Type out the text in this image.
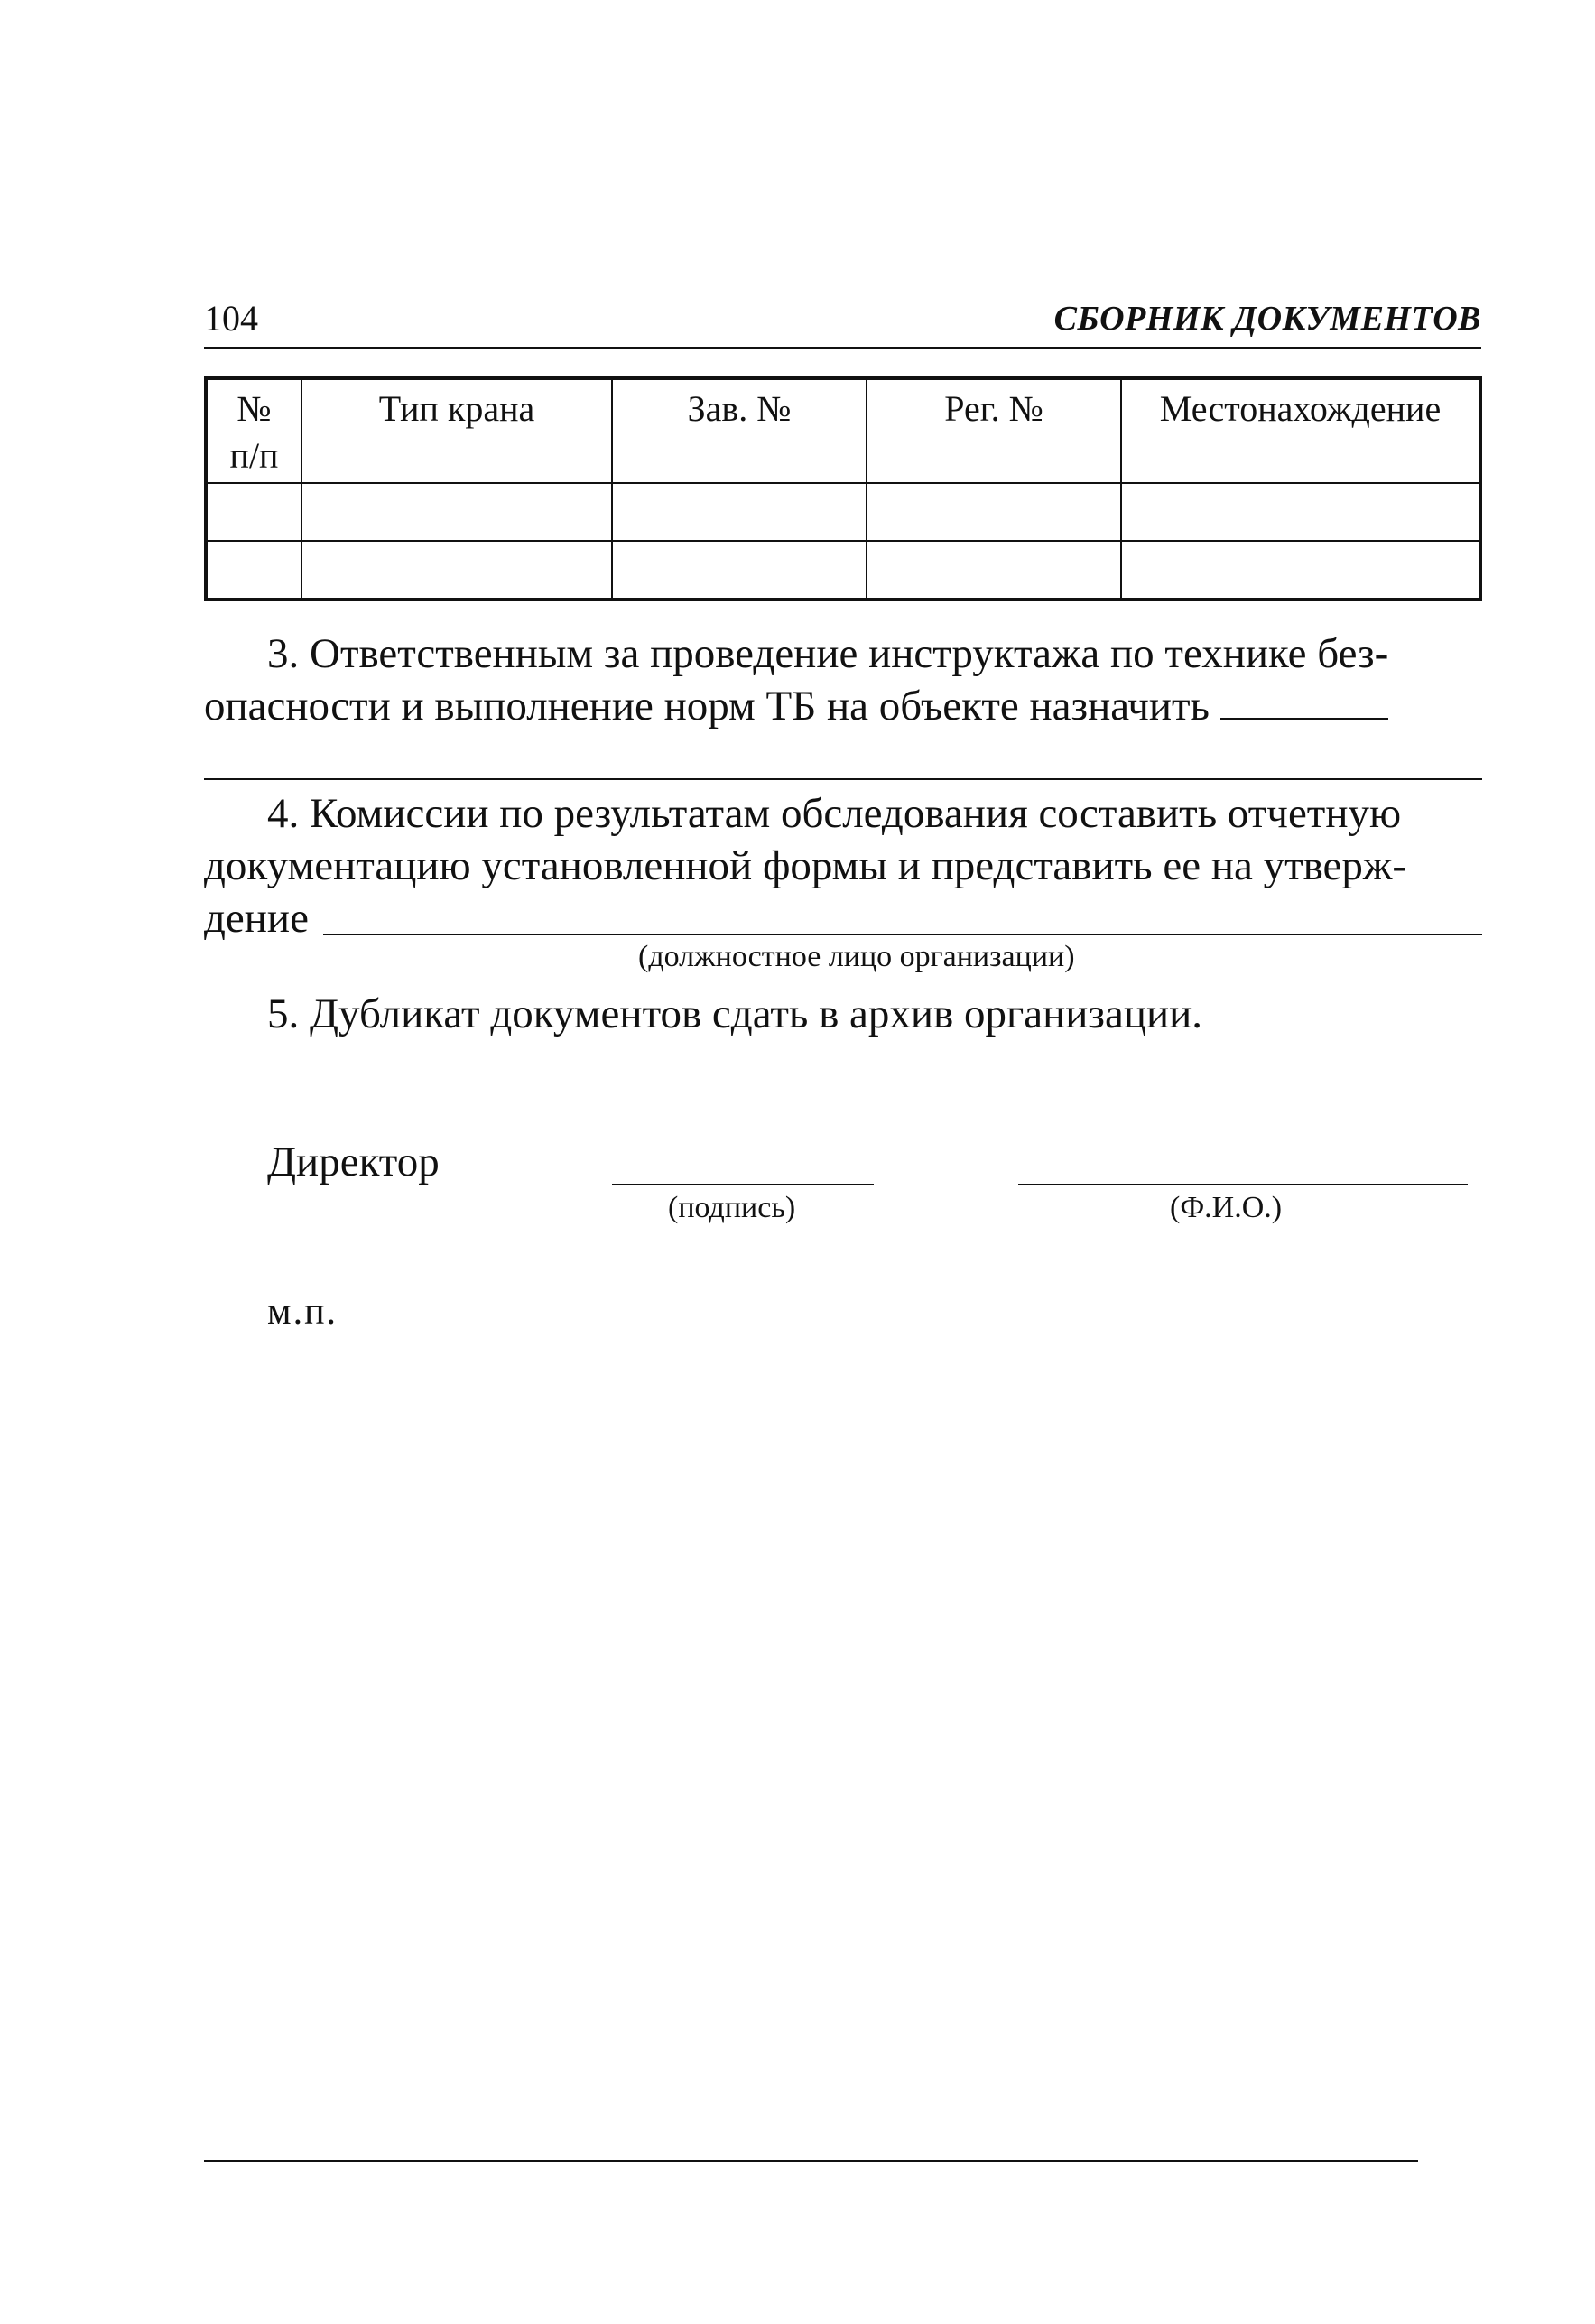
104	СБОРНИК ДОКУМЕНТОВ
№
п/п	Тип крана	Зав. №	Рег. №	Местонахождение

3. Ответственным за проведение инструктажа по технике без-
опасности и выполнение норм ТБ на объекте назначить

4. Комиссии по результатам обследования составить отчетную
документацию установленной формы и представить ее на утверж-
дение

(должностное лицо организации)

5. Дубликат документов сдать в архив организации.

Директор
(подпись)	(Ф.И.О.)
м.п.
